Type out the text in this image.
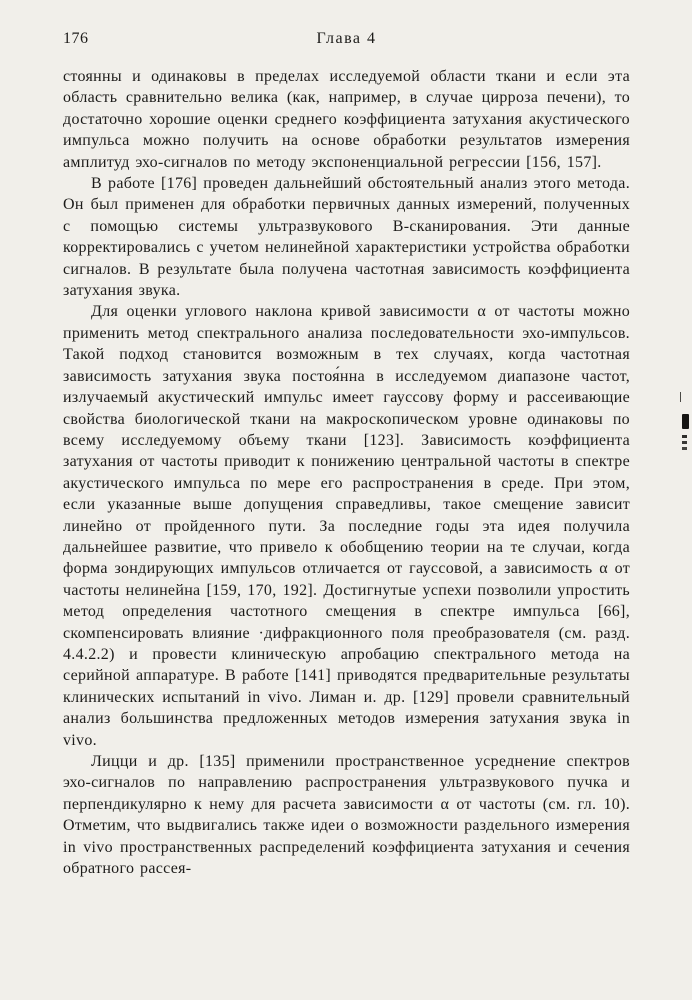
176	Глава 4

стоянны и одинаковы в пределах исследуемой области ткани и если эта область сравнительно велика (как, например, в случае цирроза печени), то достаточно хорошие оценки среднего коэффициента затухания акустического импульса можно получить на основе обработки результатов измерения амплитуд эхо-сигналов по методу экспоненциальной регрессии [156, 157].

В работе [176] проведен дальнейший обстоятельный анализ этого метода. Он был применен для обработки первичных данных измерений, полученных с помощью системы ультразвукового В-сканирования. Эти данные корректировались с учетом нелинейной характеристики устройства обработки сигналов. В результате была получена частотная зависимость коэффициента затухания звука.

Для оценки углового наклона кривой зависимости α от частоты можно применить метод спектрального анализа последовательности эхо-импульсов. Такой подход становится возможным в тех случаях, когда частотная зависимость затухания звука постоя́нна в исследуемом диапазоне частот, излучаемый акустический импульс имеет гауссову форму и рассеивающие свойства биологической ткани на макроскопическом уровне одинаковы по всему исследуемому объему ткани [123]. Зависимость коэффициента затухания от частоты приводит к понижению центральной частоты в спектре акустического импульса по мере его распространения в среде. При этом, если указанные выше допущения справедливы, такое смещение зависит линейно от пройденного пути. За последние годы эта идея получила дальнейшее развитие, что привело к обобщению теории на те случаи, когда форма зондирующих импульсов отличается от гауссовой, а зависимость α от частоты нелинейна [159, 170, 192]. Достигнутые успехи позволили упростить метод определения частотного смещения в спектре импульса [66], скомпенсировать влияние ·дифракционного поля преобразователя (см. разд. 4.4.2.2) и провести клиническую апробацию спектрального метода на серийной аппаратуре. В работе [141] приводятся предварительные результаты клинических испытаний in vivo. Лиман и. др. [129] провели сравнительный анализ большинства предложенных методов измерения затухания звука in vivo.

Лицци и др. [135] применили пространственное усреднение спектров эхо-сигналов по направлению распространения ультразвукового пучка и перпендикулярно к нему для расчета зависимости α от частоты (см. гл. 10). Отметим, что выдвигались также идеи о возможности раздельного измерения in vivo пространственных распределений коэффициента затухания и сечения обратного рассея-
